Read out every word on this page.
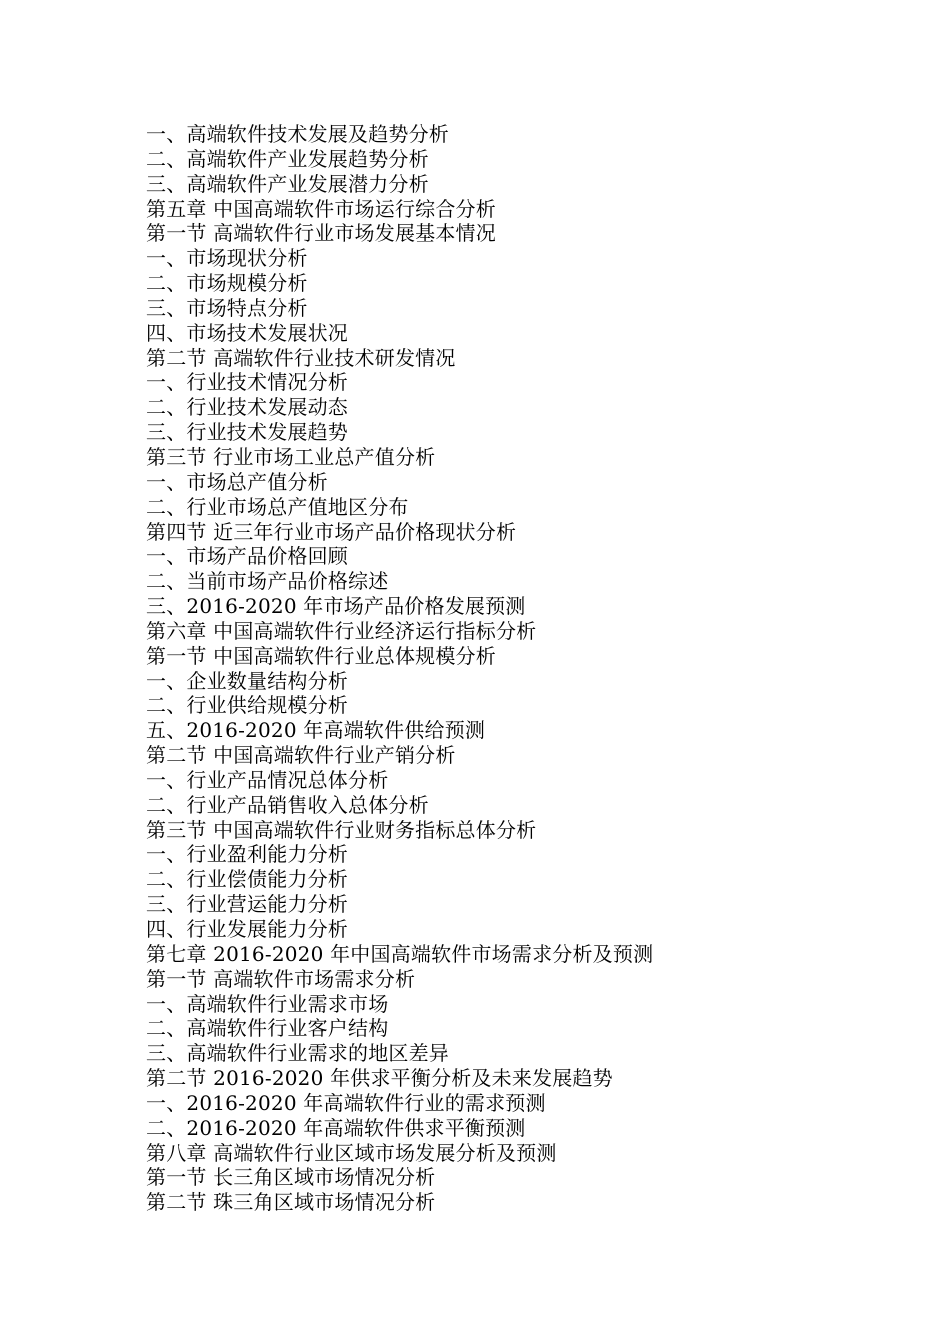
一、高端软件技术发展及趋势分析
二、高端软件产业发展趋势分析
三、高端软件产业发展潜力分析
第五章 中国高端软件市场运行综合分析
第一节 高端软件行业市场发展基本情况
一、市场现状分析
二、市场规模分析
三、市场特点分析
四、市场技术发展状况
第二节 高端软件行业技术研发情况
一、行业技术情况分析
二、行业技术发展动态
三、行业技术发展趋势
第三节 行业市场工业总产值分析
一、市场总产值分析
二、行业市场总产值地区分布
第四节 近三年行业市场产品价格现状分析
一、市场产品价格回顾
二、当前市场产品价格综述
三、2016-2020 年市场产品价格发展预测
第六章 中国高端软件行业经济运行指标分析
第一节 中国高端软件行业总体规模分析
一、企业数量结构分析
二、行业供给规模分析
五、2016-2020 年高端软件供给预测
第二节 中国高端软件行业产销分析
一、行业产品情况总体分析
二、行业产品销售收入总体分析
第三节 中国高端软件行业财务指标总体分析
一、行业盈利能力分析
二、行业偿债能力分析
三、行业营运能力分析
四、行业发展能力分析
第七章 2016-2020 年中国高端软件市场需求分析及预测
第一节 高端软件市场需求分析
一、高端软件行业需求市场
二、高端软件行业客户结构
三、高端软件行业需求的地区差异
第二节 2016-2020 年供求平衡分析及未来发展趋势
一、2016-2020 年高端软件行业的需求预测
二、2016-2020 年高端软件供求平衡预测
第八章 高端软件行业区域市场发展分析及预测
第一节 长三角区域市场情况分析
第二节 珠三角区域市场情况分析
